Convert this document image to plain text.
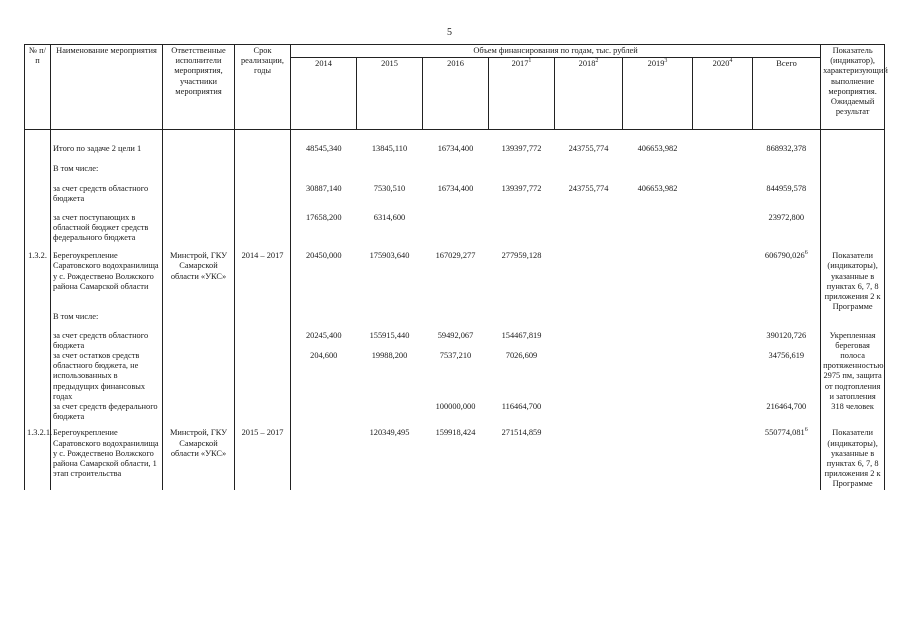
5
№ п/п	Наименование мероприятия	Ответственные исполнители мероприятия, участники мероприятия	Срок реализации, годы	Объем финансирования по годам, тыс. рублей								Показатель (индикатор), характеризующий выполнение мероприятия. Ожидаемый результат
				2014	2015	2016	2017$^1$	2018$^2$	2019$^3$	2020$^4$	Всего	

	Итого по задаче 2 цели 1			48545,340	13845,110	16734,400	139397,772	243755,774	406653,982		868932,378	

	В том числе:											

	за счет средств областного бюджета			30887,140	7530,510	16734,400	139397,772	243755,774	406653,982		844959,578	

	за счет поступающих в областной бюджет средств федерального бюджета			17658,200	6314,600						23972,800	

1.3.2.	Берегоукрепление Саратовского водохранилища у с. Рождествено Волжского района Самарской области	Минстрой, ГКУ Самарской области «УКС»	2014 – 2017	20450,000	175903,640	167029,277	277959,128				606790,026$^6$	Показатели (индикаторы), указанные в пунктах 6, 7, 8 приложения 2 к Программе
	В том числе:											

	за счет средств областного бюджета			20245,400	155915,440	59492,067	154467,819				390120,726	Укрепленная береговая полоса протяженностью 2975 пм, защита от подтопления и затопления 318 человек
	за счет остатков средств областного бюджета, не использованных в предыдущих финансовых годах			204,600	19988,200	7537,210	7026,609				34756,619	
	за счет средств федерального бюджета					100000,000	116464,700				216464,700	

1.3.2.1.	Берегоукрепление Саратовского водохранилища у с. Рождествено Волжского района Самарской области, 1 этап строительства	Минстрой, ГКУ Самарской области «УКС»	2015 – 2017		120349,495	159918,424	271514,859				550774,081$^6$	Показатели (индикаторы), указанные в пунктах 6, 7, 8 приложения 2 к Программе
